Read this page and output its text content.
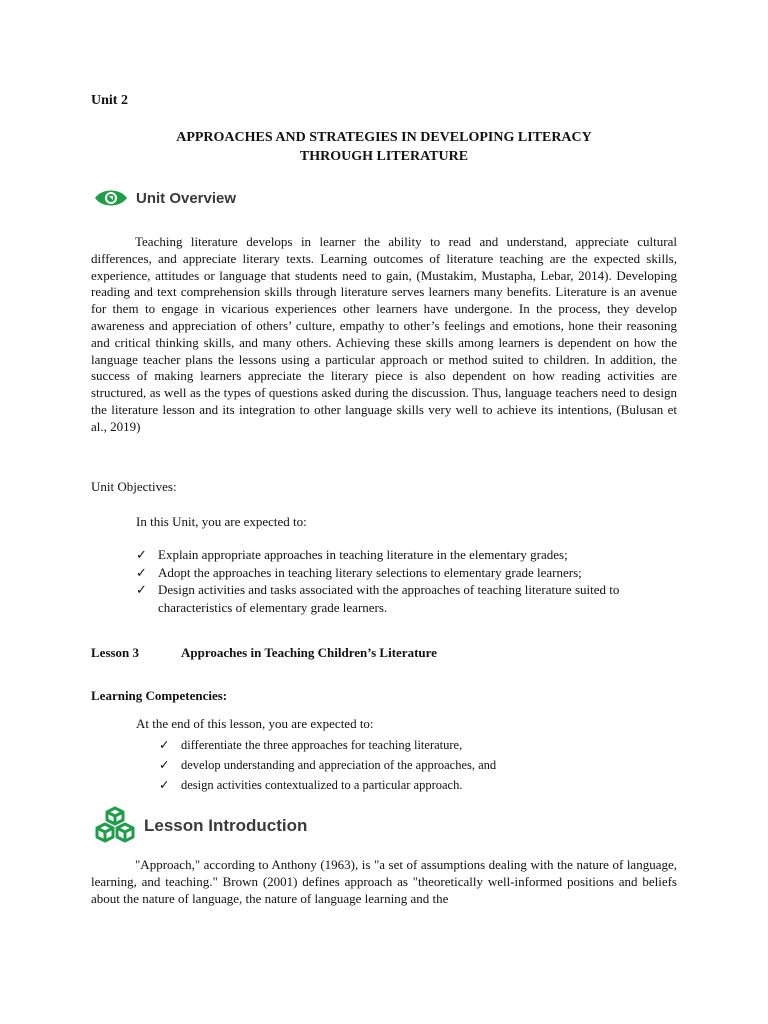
Unit 2
APPROACHES AND STRATEGIES IN DEVELOPING LITERACY
THROUGH LITERATURE
Unit Overview

Teaching literature develops in learner the ability to read and understand, appreciate cultural differences, and appreciate literary texts. Learning outcomes of literature teaching are the expected skills, experience, attitudes or language that students need to gain, (Mustakim, Mustapha, Lebar, 2014). Developing reading and text comprehension skills through literature serves learners many benefits. Literature is an avenue for them to engage in vicarious experiences other learners have undergone. In the process, they develop awareness and appreciation of others’ culture, empathy to other’s feelings and emotions, hone their reasoning and critical thinking skills, and many others. Achieving these skills among learners is dependent on how the language teacher plans the lessons using a particular approach or method suited to children. In addition, the success of making learners appreciate the literary piece is also dependent on how reading activities are structured, as well as the types of questions asked during the discussion. Thus, language teachers need to design the literature lesson and its integration to other language skills very well to achieve its intentions, (Bulusan et al., 2019)

Unit Objectives:

In this Unit, you are expected to:

✓ Explain appropriate approaches in teaching literature in the elementary grades;
✓ Adopt the approaches in teaching literary selections to elementary grade learners;
✓ Design activities and tasks associated with the approaches of teaching literature suited to characteristics of elementary grade learners.
Lesson 3	Approaches in Teaching Children’s Literature
Learning Competencies:

At the end of this lesson, you are expected to:

✓ differentiate the three approaches for teaching literature,
✓ develop understanding and appreciation of the approaches, and
✓ design activities contextualized to a particular approach.
Lesson Introduction

"Approach," according to Anthony (1963), is "a set of assumptions dealing with the nature of language, learning, and teaching." Brown (2001) defines approach as "theoretically well-informed positions and beliefs about the nature of language, the nature of language learning and the
